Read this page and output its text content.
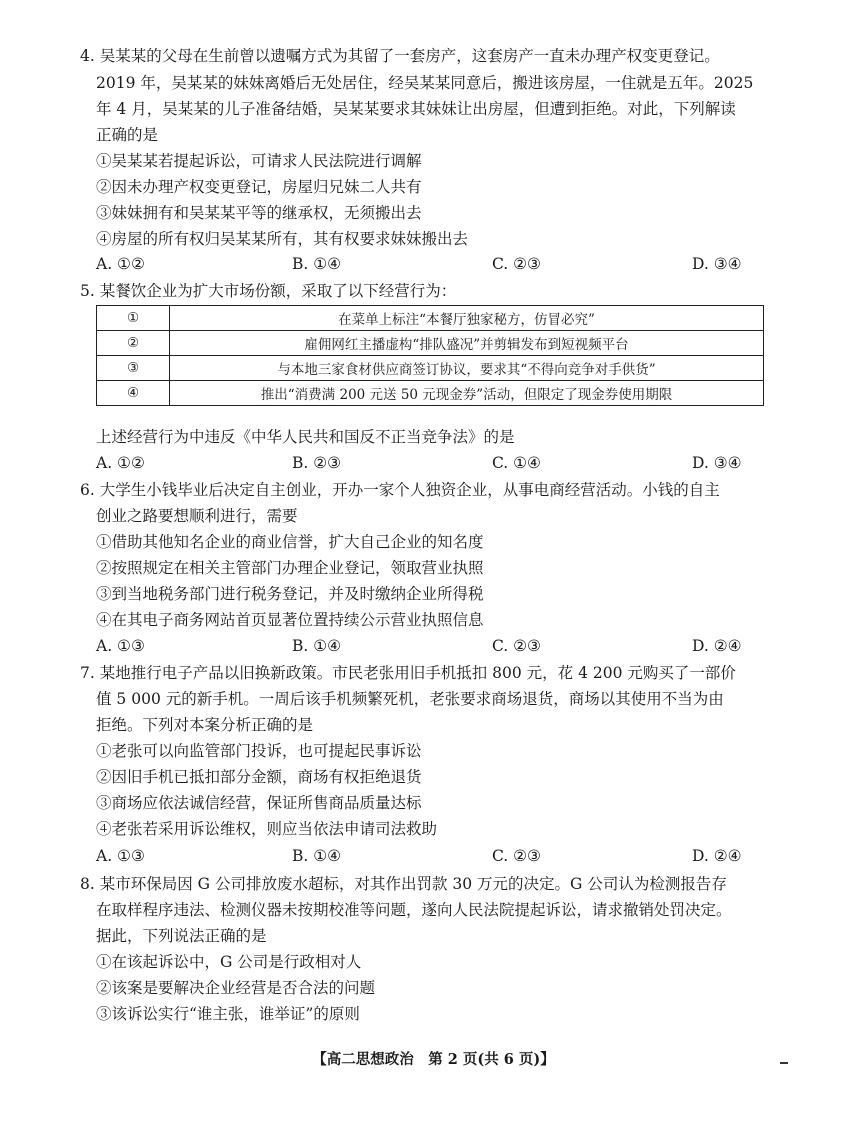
4. 吴某某的父母在生前曾以遗嘱方式为其留了一套房产，这套房产一直未办理产权变更登记。
2019 年，吴某某的妹妹离婚后无处居住，经吴某某同意后，搬进该房屋，一住就是五年。2025
年 4 月，吴某某的儿子准备结婚，吴某某要求其妹妹让出房屋，但遭到拒绝。对此，下列解读
正确的是
①吴某某若提起诉讼，可请求人民法院进行调解
②因未办理产权变更登记，房屋归兄妹二人共有
③妹妹拥有和吴某某平等的继承权，无须搬出去
④房屋的所有权归吴某某所有，其有权要求妹妹搬出去
A. ①②	B. ①④	C. ②③	D. ③④
5. 某餐饮企业为扩大市场份额，采取了以下经营行为：
①	在菜单上标注“本餐厅独家秘方，仿冒必究”
②	雇佣网红主播虚构“排队盛况”并剪辑发布到短视频平台
③	与本地三家食材供应商签订协议，要求其“不得向竞争对手供货”
④	推出“消费满 200 元送 50 元现金券”活动，但限定了现金券使用期限
上述经营行为中违反《中华人民共和国反不正当竞争法》的是
A. ①②	B. ②③	C. ①④	D. ③④
6. 大学生小钱毕业后决定自主创业，开办一家个人独资企业，从事电商经营活动。小钱的自主
创业之路要想顺利进行，需要
①借助其他知名企业的商业信誉，扩大自己企业的知名度
②按照规定在相关主管部门办理企业登记，领取营业执照
③到当地税务部门进行税务登记，并及时缴纳企业所得税
④在其电子商务网站首页显著位置持续公示营业执照信息
A. ①③	B. ①④	C. ②③	D. ②④
7. 某地推行电子产品以旧换新政策。市民老张用旧手机抵扣 800 元，花 4 200 元购买了一部价
值 5 000 元的新手机。一周后该手机频繁死机，老张要求商场退货，商场以其使用不当为由
拒绝。下列对本案分析正确的是
①老张可以向监管部门投诉，也可提起民事诉讼
②因旧手机已抵扣部分金额，商场有权拒绝退货
③商场应依法诚信经营，保证所售商品质量达标
④老张若采用诉讼维权，则应当依法申请司法救助
A. ①③	B. ①④	C. ②③	D. ②④
8. 某市环保局因 G 公司排放废水超标，对其作出罚款 30 万元的决定。G 公司认为检测报告存
在取样程序违法、检测仪器未按期校准等问题，遂向人民法院提起诉讼，请求撤销处罚决定。
据此，下列说法正确的是
①在该起诉讼中，G 公司是行政相对人
②该案是要解决企业经营是否合法的问题
③该诉讼实行“谁主张，谁举证”的原则
【高二思想政治　第 2 页(共 6 页)】
